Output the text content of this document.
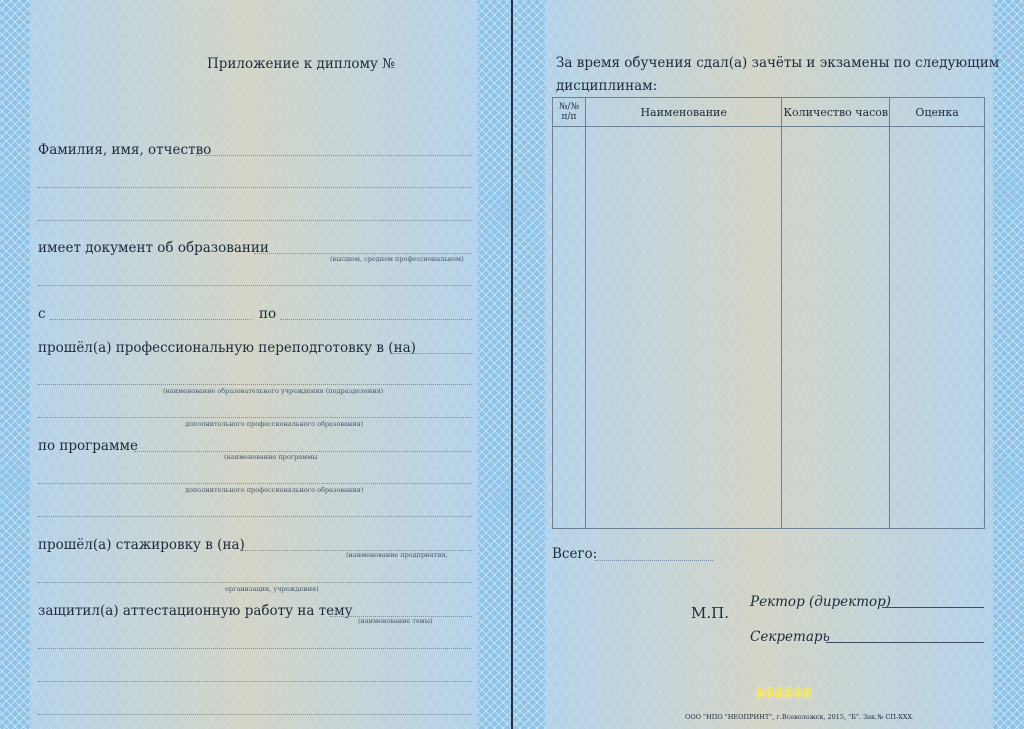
Приложение к диплому №
Фамилия, имя, отчество
имеет документ об образовании
(высшем, среднем профессиональном)
с	по
прошёл(а) профессиональную переподготовку в (на)
(наименование образовательного учреждения (подразделения)
дополнительного профессионального образования)
по программе
(наименование программы
дополнительного профессионального образования)
прошёл(а) стажировку в (на)
(наименование предприятия,
организации, учреждения)
защитил(а) аттестационную работу на тему
(наименование темы)
За время обучения сдал(а) зачёты и экзамены по следующим
дисциплинам:
№/№ п/п	Наименование	Количество часов	Оценка

Всего:
М.П.
Ректор (директор)
Секретарь
000000
ООО "НПО "НЕОПРИНТ", г.Всеволожск, 2015, "Б". Зак.№ СП-XXX.
